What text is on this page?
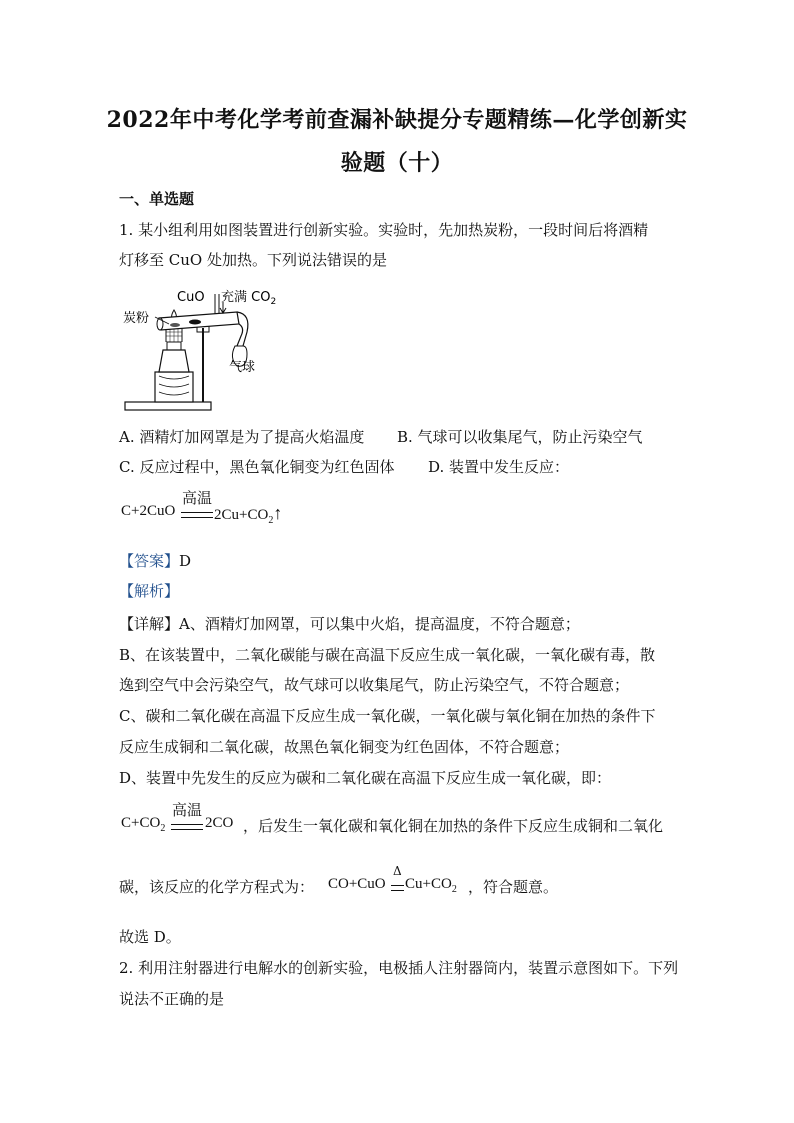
2022年中考化学考前查漏补缺提分专题精练—化学创新实
验题（十）
一、单选题
1. 某小组利用如图装置进行创新实验。实验时，先加热炭粉，一段时间后将酒精
灯移至 CuO 处加热。下列说法错误的是
CuO 充满 $CO_2$
炭粉
气球
A. 酒精灯加网罩是为了提高火焰温度 B. 气球可以收集尾气，防止污染空气
C. 反应过程中，黑色氧化铜变为红色固体 D. 装置中发生反应：
C+2CuO
高温
$2Cu+CO_2↑$
【答案】D
【解析】
【详解】A、酒精灯加网罩，可以集中火焰，提高温度，不符合题意；
B、在该装置中，二氧化碳能与碳在高温下反应生成一氧化碳，一氧化碳有毒，散
逸到空气中会污染空气，故气球可以收集尾气，防止污染空气，不符合题意；
C、碳和二氧化碳在高温下反应生成一氧化碳，一氧化碳与氧化铜在加热的条件下
反应生成铜和二氧化碳，故黑色氧化铜变为红色固体，不符合题意；
D、装置中先发生的反应为碳和二氧化碳在高温下反应生成一氧化碳，即：
$C+CO_2$
高温
2CO ，后发生一氧化碳和氧化铜在加热的条件下反应生成铜和二氧化
碳，该反应的化学方程式为： CO+CuO
Δ
$Cu+CO_2$ ，符合题意。
故选 D。
2. 利用注射器进行电解水的创新实验，电极插人注射器筒内，装置示意图如下。下列
说法不正确的是
